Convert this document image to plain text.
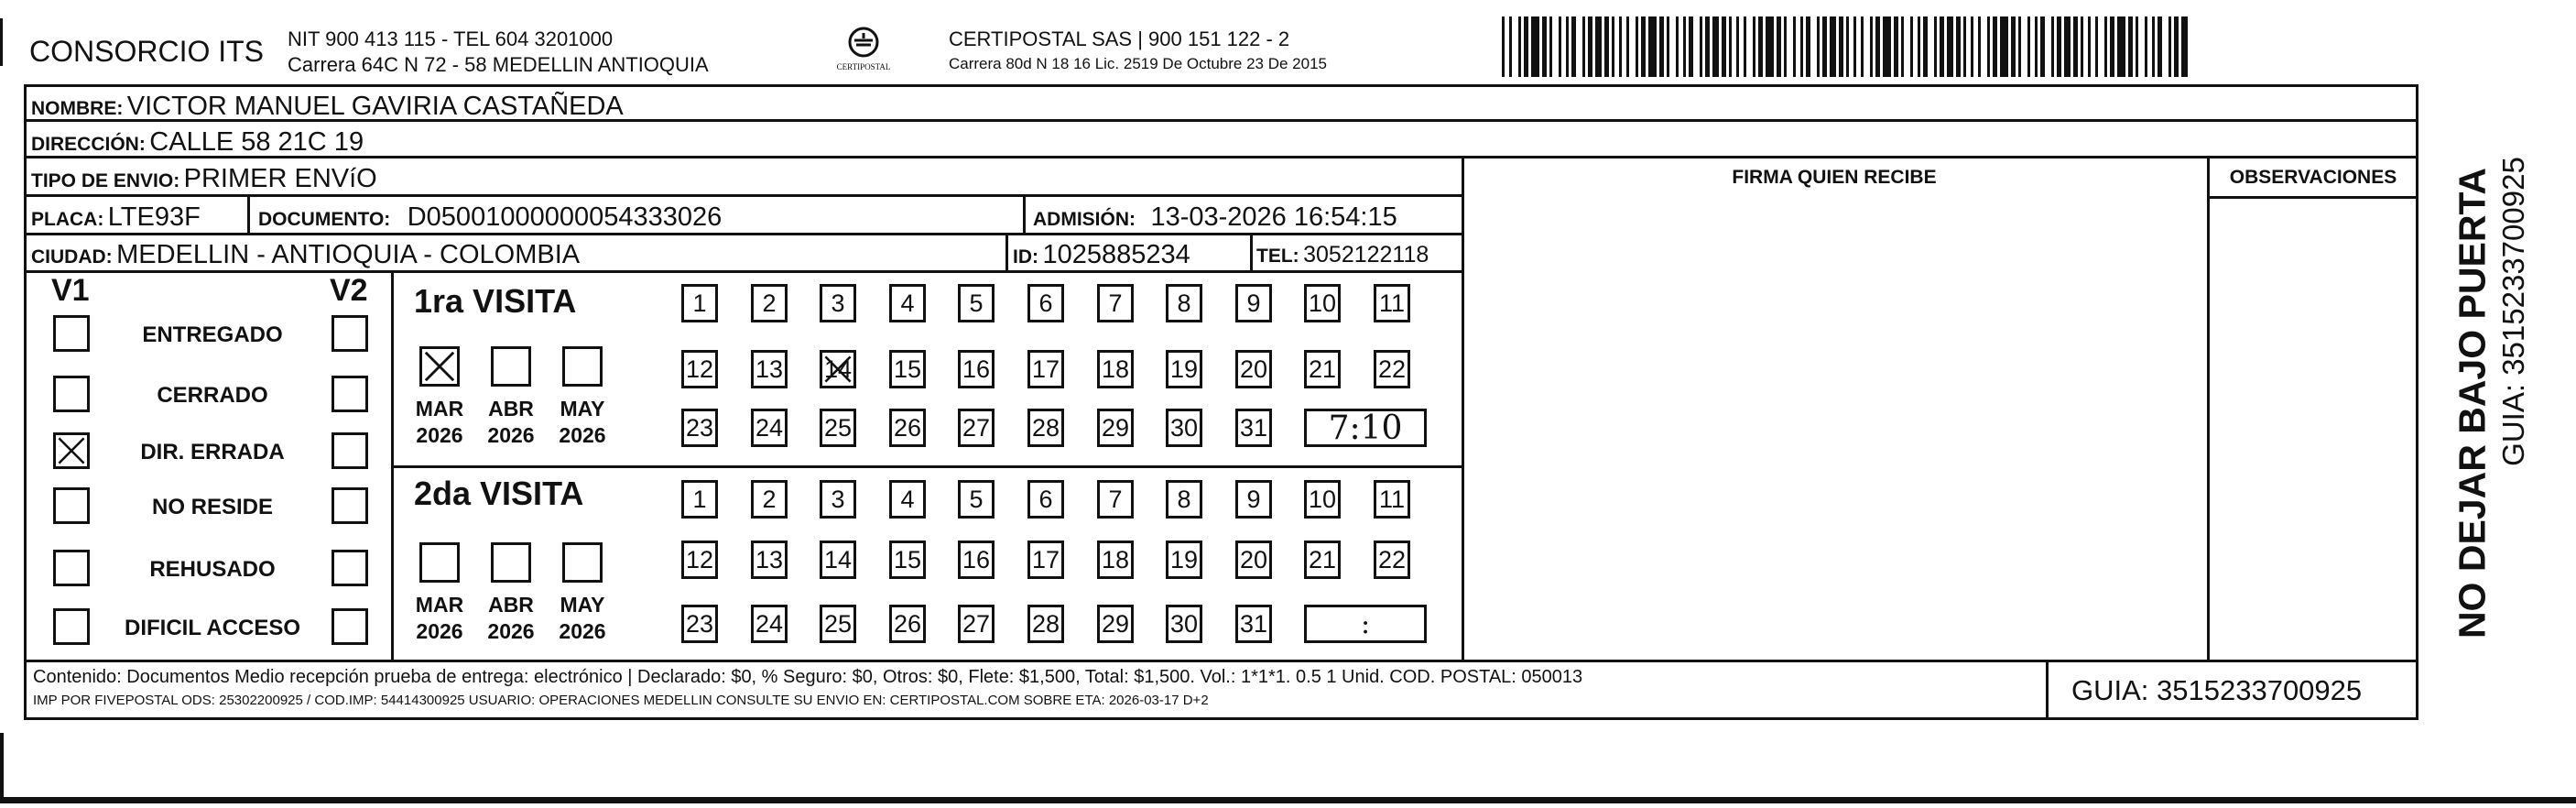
CONSORCIO ITS NIT 900 413 115 - TEL 604 3201000
Carrera 64C N 72 - 58 MEDELLIN ANTIOQUIA	CERTIPOSTAL
CERTIPOSTAL SAS | 900 151 122 - 2
Carrera 80d N 18 16 Lic. 2519 De Octubre 23 De 2015
NOMBRE: VICTOR MANUEL GAVIRIA CASTAÑEDA
DIRECCIÓN: CALLE 58 21C 19
TIPO DE ENVIO: PRIMER ENVíO
PLACA: LTE93F	DOCUMENTO: D05001000000054333026	ADMISIÓN: 13-03-2026 16:54:15
CIUDAD: MEDELLIN - ANTIOQUIA - COLOMBIA	ID: 1025885234	TEL: 3052122118
FIRMA QUIEN RECIBE	OBSERVACIONES
V1	V2
ENTREGADO
CERRADO
DIR. ERRADA
NO RESIDE
REHUSADO
DIFICIL ACCESO
1ra VISITA
MAR
2026
ABR
2026
MAY
2026
1 2 3 4 5 6 7 8 9 10 11
12 13 14 15 16 17 18 19 20 21 22
23 24 25 26 27 28 29 30 31 7:10
2da VISITA
MAR
2026
ABR
2026
MAY
2026
1 2 3 4 5 6 7 8 9 10 11
12 13 14 15 16 17 18 19 20 21 22
23 24 25 26 27 28 29 30 31	:
Contenido: Documentos Medio recepción prueba de entrega: electrónico | Declarado: $0, % Seguro: $0, Otros: $0, Flete: $1,500, Total: $1,500. Vol.: 1*1*1. 0.5 1 Unid. COD. POSTAL: 050013
IMP POR FIVEPOSTAL ODS: 25302200925 / COD.IMP: 54414300925 USUARIO: OPERACIONES MEDELLIN CONSULTE SU ENVIO EN: CERTIPOSTAL.COM SOBRE ETA: 2026-03-17 D+2	GUIA: 3515233700925
NO DEJAR BAJO PUERTA GUIA: 3515233700925
